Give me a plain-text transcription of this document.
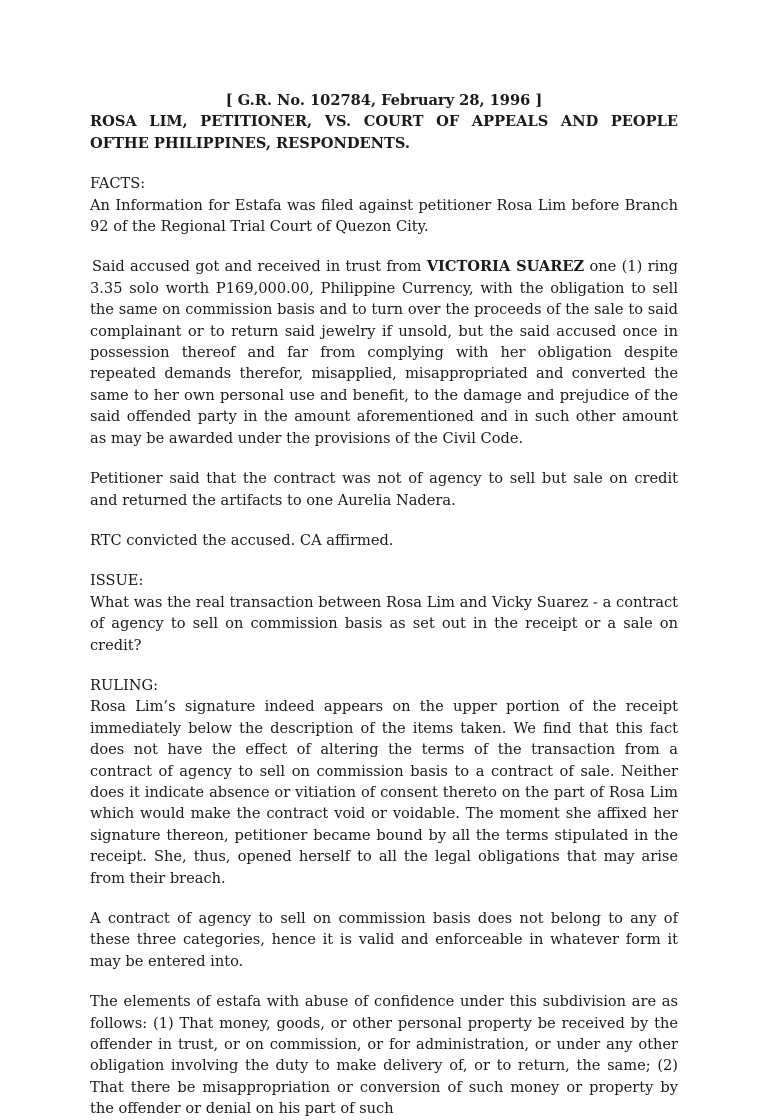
[ G.R. No. 102784, February 28, 1996 ]

ROSA LIM, PETITIONER, VS. COURT OF APPEALS AND PEOPLE OFTHE PHILIPPINES, RESPONDENTS.

FACTS:

An Information for Estafa was filed against petitioner Rosa Lim before Branch 92 of the Regional Trial Court of Quezon City.

Said accused got and received in trust from VICTORIA SUAREZ one (1) ring 3.35 solo worth P169,000.00, Philippine Currency, with the obligation to sell the same on commission basis and to turn over the proceeds of the sale to said complainant or to return said jewelry if unsold, but the said accused once in possession thereof and far from complying with her obligation despite repeated demands therefor, misapplied, misappropriated and converted the same to her own personal use and benefit, to the damage and prejudice of the said offended party in the amount aforementioned and in such other amount as may be awarded under the provisions of the Civil Code.

Petitioner said that the contract was not of agency to sell but sale on credit and returned the artifacts to one Aurelia Nadera.

RTC convicted the accused. CA affirmed.

ISSUE:

What was the real transaction between Rosa Lim and Vicky Suarez - a contract of agency to sell on commission basis as set out in the receipt or a sale on credit?

RULING:

Rosa Lim’s signature indeed appears on the upper portion of the receipt immediately below the description of the items taken. We find that this fact does not have the effect of altering the terms of the transaction from a contract of agency to sell on commission basis to a contract of sale. Neither does it indicate absence or vitiation of consent thereto on the part of Rosa Lim which would make the contract void or voidable. The moment she affixed her signature thereon, petitioner became bound by all the terms stipulated in the receipt. She, thus, opened herself to all the legal obligations that may arise from their breach.

A contract of agency to sell on commission basis does not belong to any of these three categories, hence it is valid and enforceable in whatever form it may be entered into.

The elements of estafa with abuse of confidence under this subdivision are as follows: (1) That money, goods, or other personal property be received by the offender in trust, or on commission, or for administration, or under any other obligation involving the duty to make delivery of, or to return, the same; (2) That there be misappropriation or conversion of such money or property by the offender or denial on his part of such
